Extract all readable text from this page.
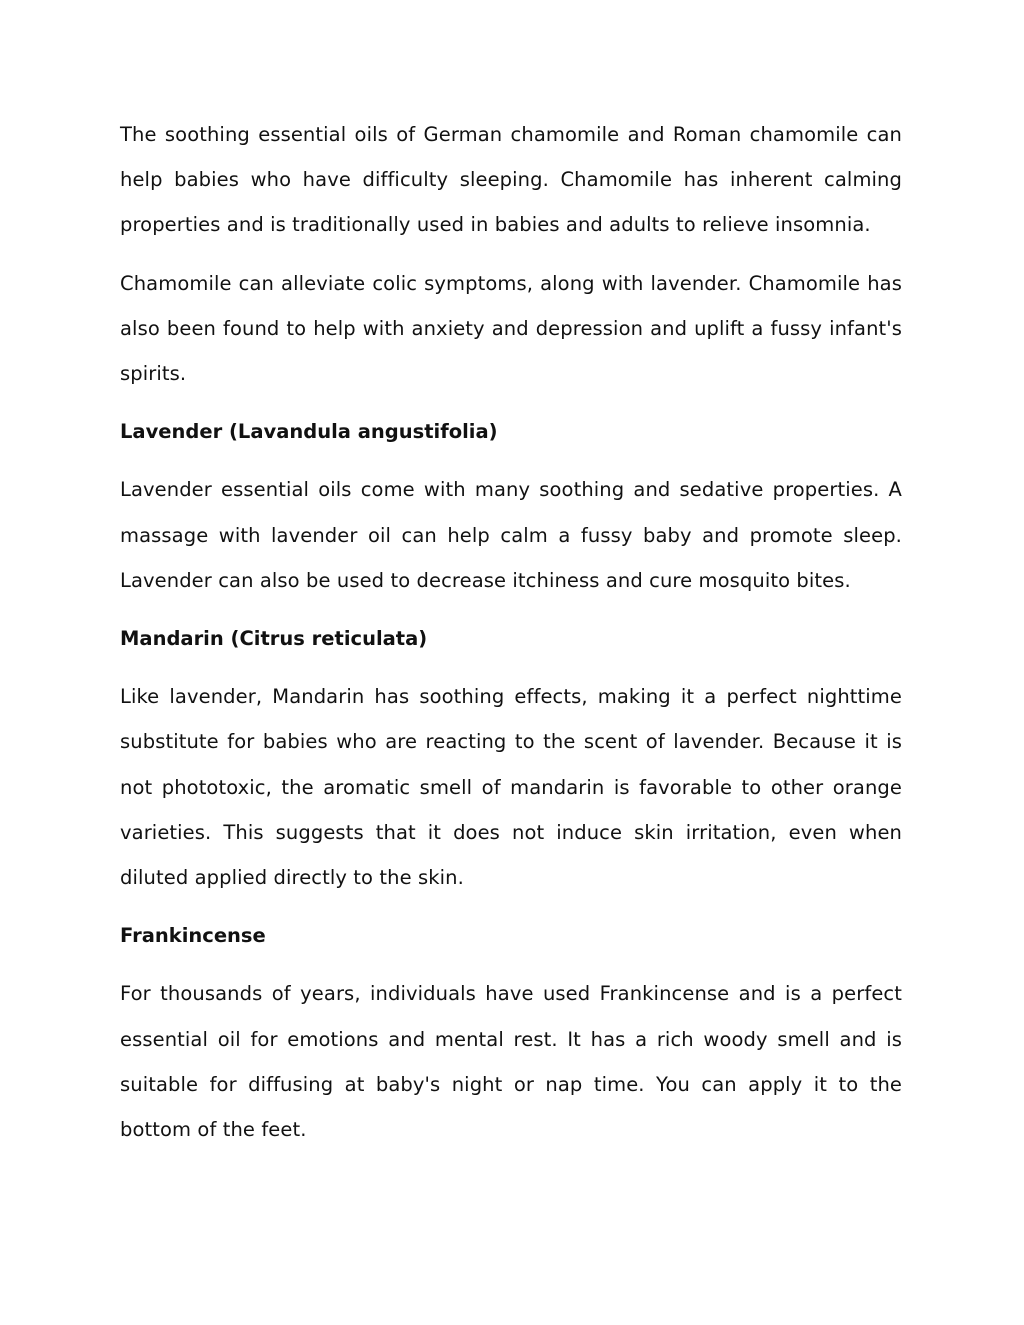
The soothing essential oils of German chamomile and Roman chamomile can help babies who have difficulty sleeping. Chamomile has inherent calming properties and is traditionally used in babies and adults to relieve insomnia.

Chamomile can alleviate colic symptoms, along with lavender. Chamomile has also been found to help with anxiety and depression and uplift a fussy infant's spirits.

Lavender (Lavandula angustifolia)

Lavender essential oils come with many soothing and sedative properties. A massage with lavender oil can help calm a fussy baby and promote sleep. Lavender can also be used to decrease itchiness and cure mosquito bites.

Mandarin (Citrus reticulata)

Like lavender, Mandarin has soothing effects, making it a perfect nighttime substitute for babies who are reacting to the scent of lavender. Because it is not phototoxic, the aromatic smell of mandarin is favorable to other orange varieties. This suggests that it does not induce skin irritation, even when diluted applied directly to the skin.

Frankincense

For thousands of years, individuals have used Frankincense and is a perfect essential oil for emotions and mental rest. It has a rich woody smell and is suitable for diffusing at baby's night or nap time. You can apply it to the bottom of the feet.
